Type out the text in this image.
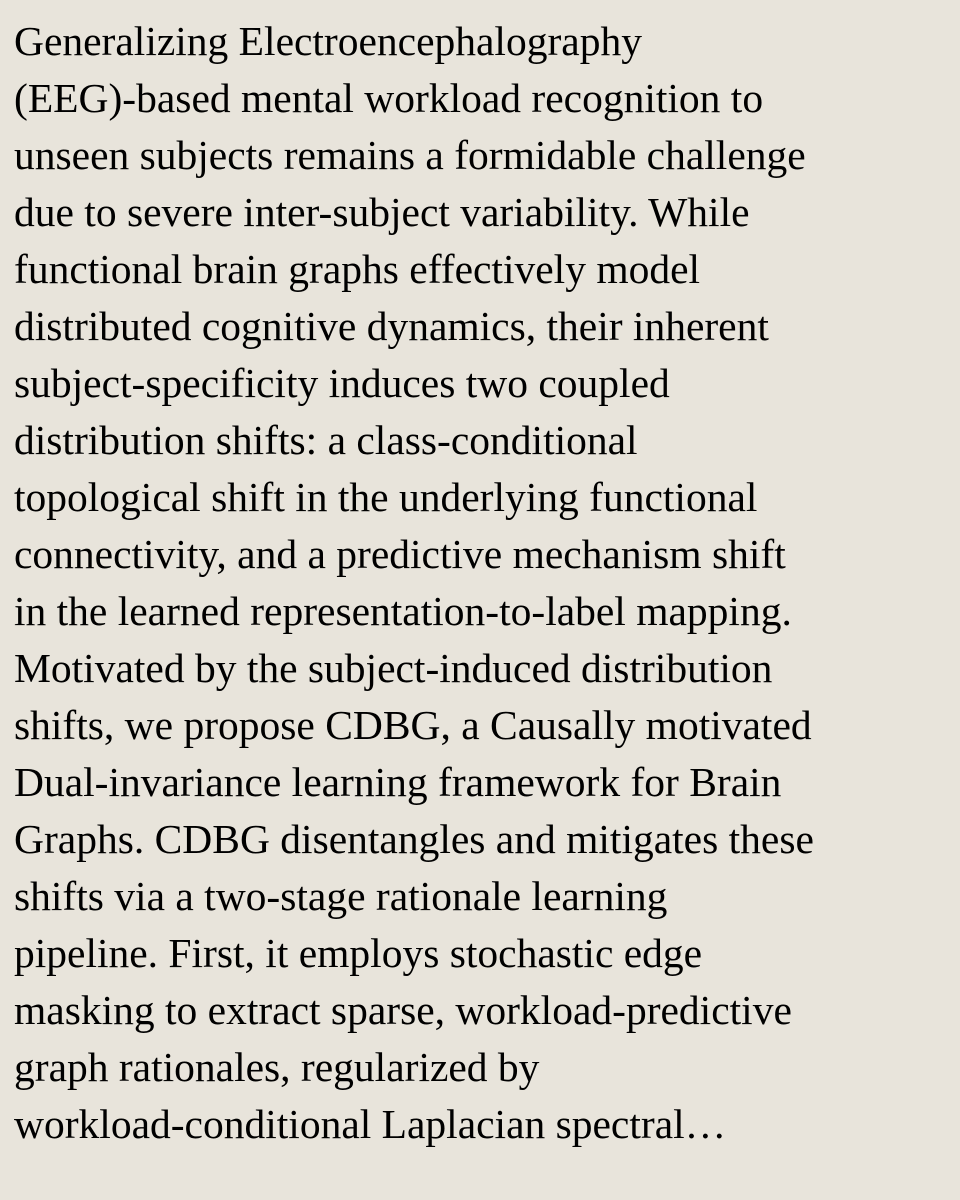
Generalizing Electroencephalography
(EEG)-based mental workload recognition to
unseen subjects remains a formidable challenge
due to severe inter-subject variability. While
functional brain graphs effectively model
distributed cognitive dynamics, their inherent
subject-specificity induces two coupled
distribution shifts: a class-conditional
topological shift in the underlying functional
connectivity, and a predictive mechanism shift
in the learned representation-to-label mapping.
Motivated by the subject-induced distribution
shifts, we propose CDBG, a Causally motivated
Dual-invariance learning framework for Brain
Graphs. CDBG disentangles and mitigates these
shifts via a two-stage rationale learning
pipeline. First, it employs stochastic edge
masking to extract sparse, workload-predictive
graph rationales, regularized by
workload-conditional Laplacian spectral…
